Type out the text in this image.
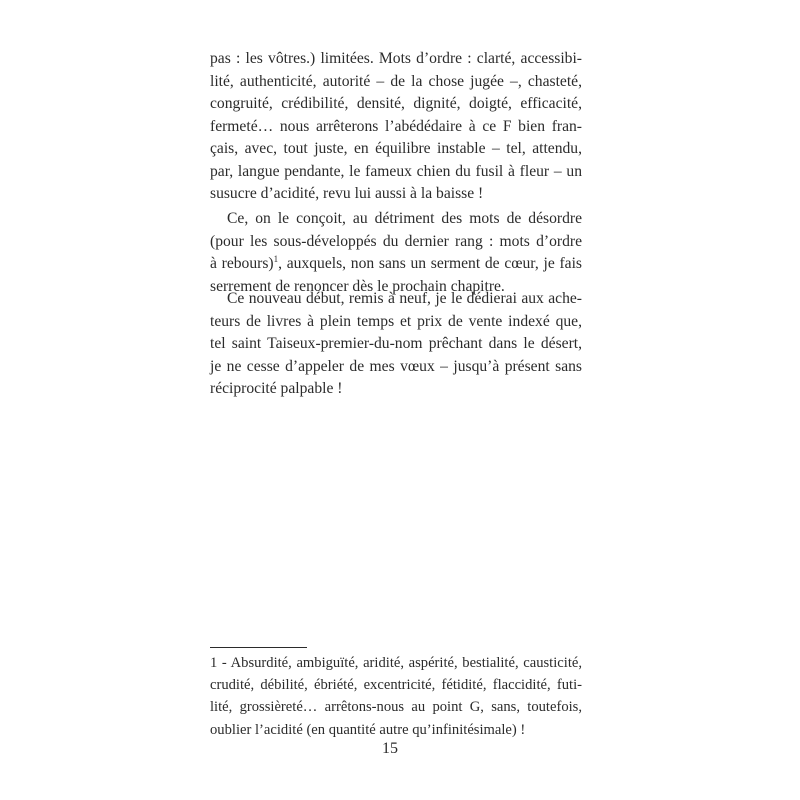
pas : les vôtres.) limitées. Mots d’ordre : clarté, accessibi-
lité, authenticité, autorité – de la chose jugée –, chasteté,
congruité, crédibilité, densité, dignité, doigté, efficacité,
fermeté… nous arrêterons l’abédédaire à ce F bien fran-
çais, avec, tout juste, en équilibre instable – tel, attendu,
par, langue pendante, le fameux chien du fusil à fleur – un
susucre d’acidité, revu lui aussi à la baisse !
Ce, on le conçoit, au détriment des mots de désordre
(pour les sous-développés du dernier rang : mots d’ordre
à rebours)$^1$, auxquels, non sans un serment de cœur, je fais
serrement de renoncer dès le prochain chapitre.
Ce nouveau début, remis à neuf, je le dédierai aux ache-
teurs de livres à plein temps et prix de vente indexé que,
tel saint Taiseux-premier-du-nom prêchant dans le désert,
je ne cesse d’appeler de mes vœux – jusqu’à présent sans
réciprocité palpable !
1 - Absurdité, ambiguïté, aridité, aspérité, bestialité, causticité,
crudité, débilité, ébriété, excentricité, fétidité, flaccidité, futi-
lité, grossièreté… arrêtons-nous au point G, sans, toutefois,
oublier l’acidité (en quantité autre qu’infinitésimale) !
15
